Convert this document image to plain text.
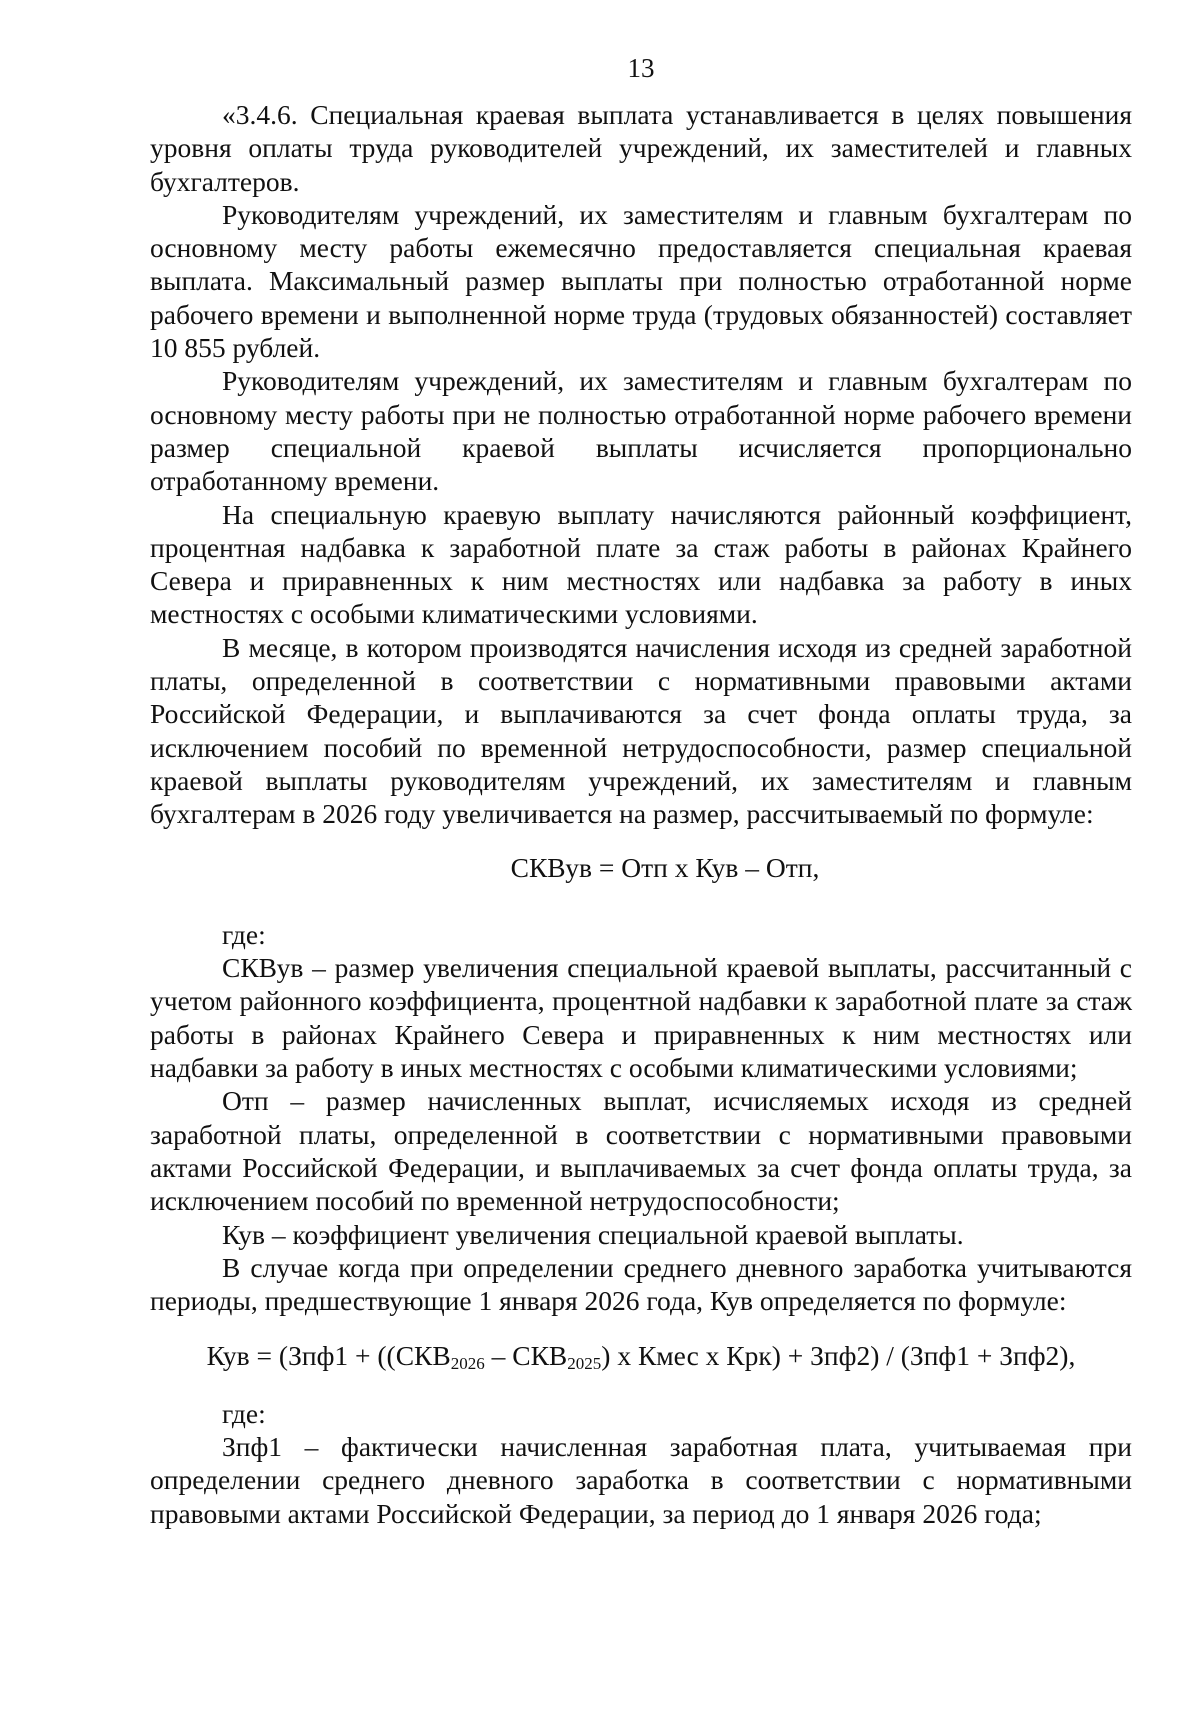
13

«3.4.6. Специальная краевая выплата устанавливается в целях повышения уровня оплаты труда руководителей учреждений, их заместителей и главных бухгалтеров.

Руководителям учреждений, их заместителям и главным бухгалтерам по основному месту работы ежемесячно предоставляется специальная краевая выплата. Максимальный размер выплаты при полностью отработанной норме рабочего времени и выполненной норме труда (трудовых обязанностей) составляет 10 855 рублей.

Руководителям учреждений, их заместителям и главным бухгалтерам по основному месту работы при не полностью отработанной норме рабочего времени размер специальной краевой выплаты исчисляется пропорционально отработанному времени.

На специальную краевую выплату начисляются районный коэффициент, процентная надбавка к заработной плате за стаж работы в районах Крайнего Севера и приравненных к ним местностях или надбавка за работу в иных местностях с особыми климатическими условиями.

В месяце, в котором производятся начисления исходя из средней заработной платы, определенной в соответствии с нормативными правовыми актами Российской Федерации, и выплачиваются за счет фонда оплаты труда, за исключением пособий по временной нетрудоспособности, размер специальной краевой выплаты руководителям учреждений, их заместителям и главным бухгалтерам в 2026 году увеличивается на размер, рассчитываемый по формуле:

СКВув = Отп х Кув – Отп,

где:

СКВув – размер увеличения специальной краевой выплаты, рассчитанный с учетом районного коэффициента, процентной надбавки к заработной плате за стаж работы в районах Крайнего Севера и приравненных к ним местностях или надбавки за работу в иных местностях с особыми климатическими условиями;

Отп – размер начисленных выплат, исчисляемых исходя из средней заработной платы, определенной в соответствии с нормативными правовыми актами Российской Федерации, и выплачиваемых за счет фонда оплаты труда, за исключением пособий по временной нетрудоспособности;

Кув – коэффициент увеличения специальной краевой выплаты.

В случае когда при определении среднего дневного заработка учитываются периоды, предшествующие 1 января 2026 года, Кув определяется по формуле:

Кув = ($Зпф1 + ((СКВ_{2026} - СКВ_{2025})$ х Кмес х Крк) + Зпф2) / (Зпф1 + Зпф2),

где:

Зпф1 – фактически начисленная заработная плата, учитываемая при определении среднего дневного заработка в соответствии с нормативными правовыми актами Российской Федерации, за период до 1 января 2026 года;
